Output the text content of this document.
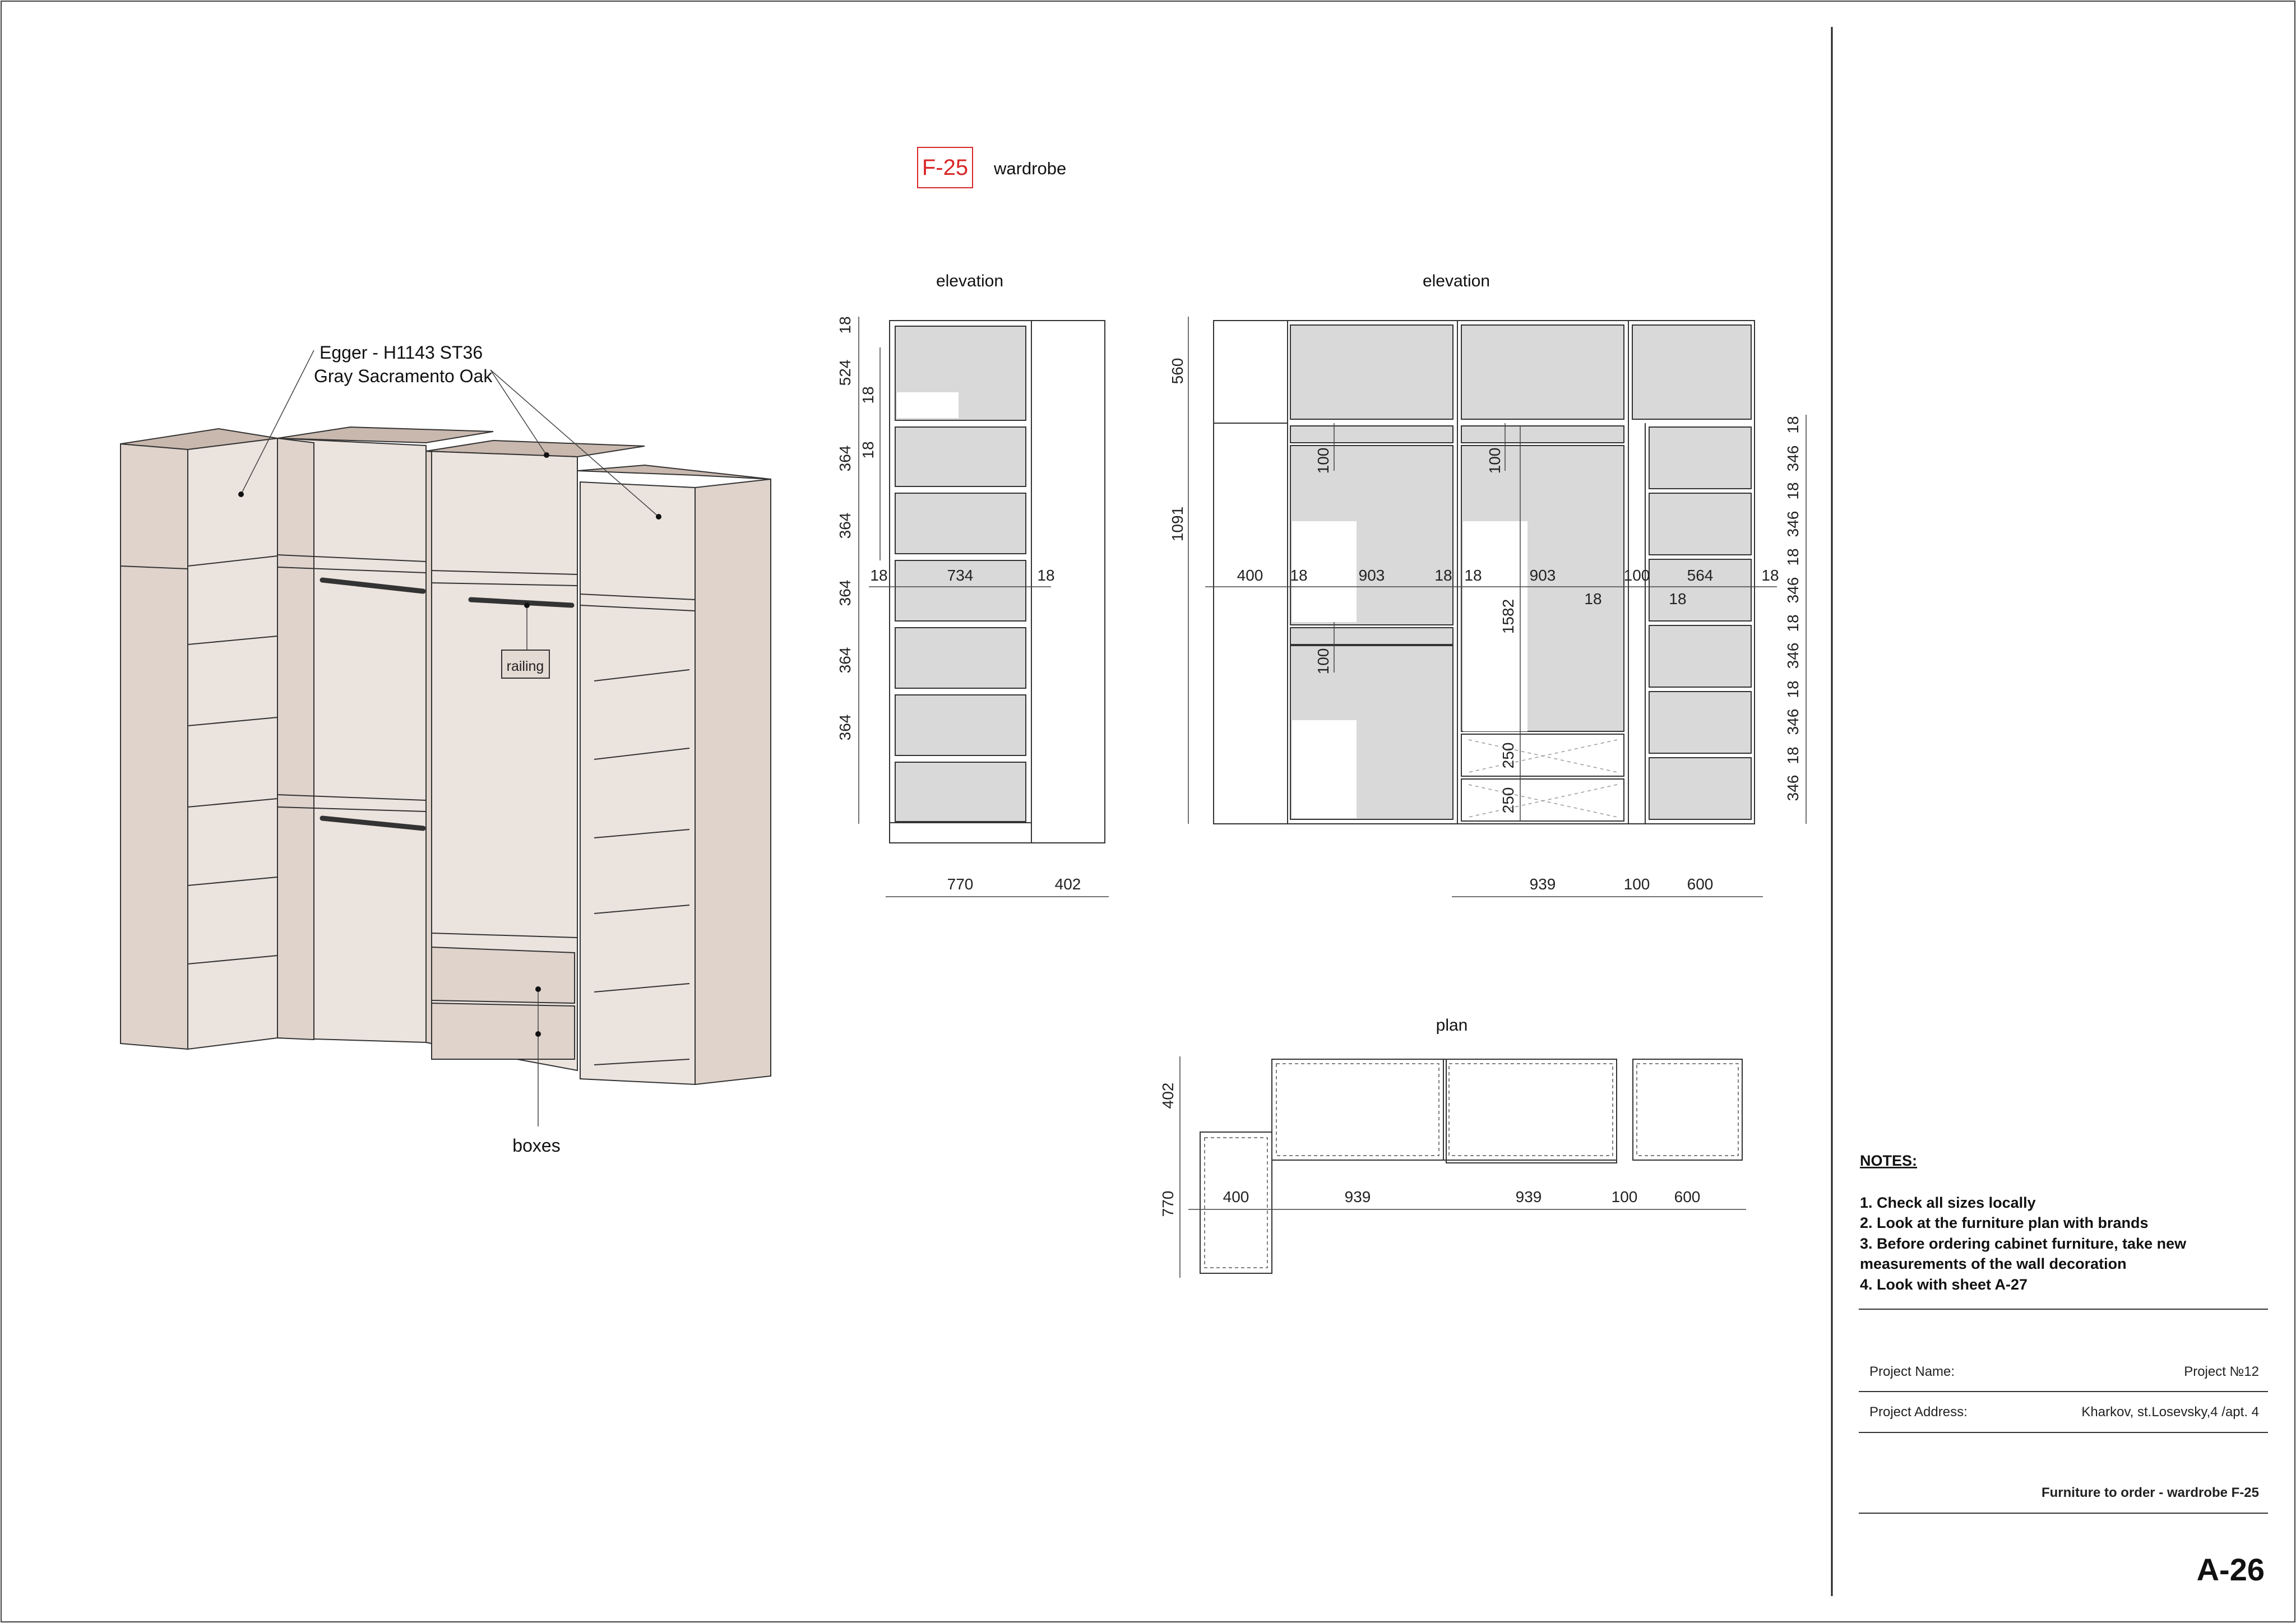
F-25 wardrobe
Egger - H1143 ST36
Gray Sacramento Oak
railing
boxes
elevation
18
524
18
18
364
364
364
364
364
18	734	18
770	402
elevation
560
1091
400 18	903	18 18	903	100 564	18
18	18
100	100
100
1582
250
250
18
346
18
346
18
346
18
346
18
346
18
346
939	100 600
plan
402
770	400	939	939	100 600
NOTES:
1. Check all sizes locally
2. Look at the furniture plan with brands
3. Before ordering cabinet furniture, take new
measurements of the wall decoration
4. Look with sheet A-27
Project Name:	Project №12
Project Address:	Kharkov, st.Losevsky,4 /apt. 4
Furniture to order - wardrobe F-25
A-26
